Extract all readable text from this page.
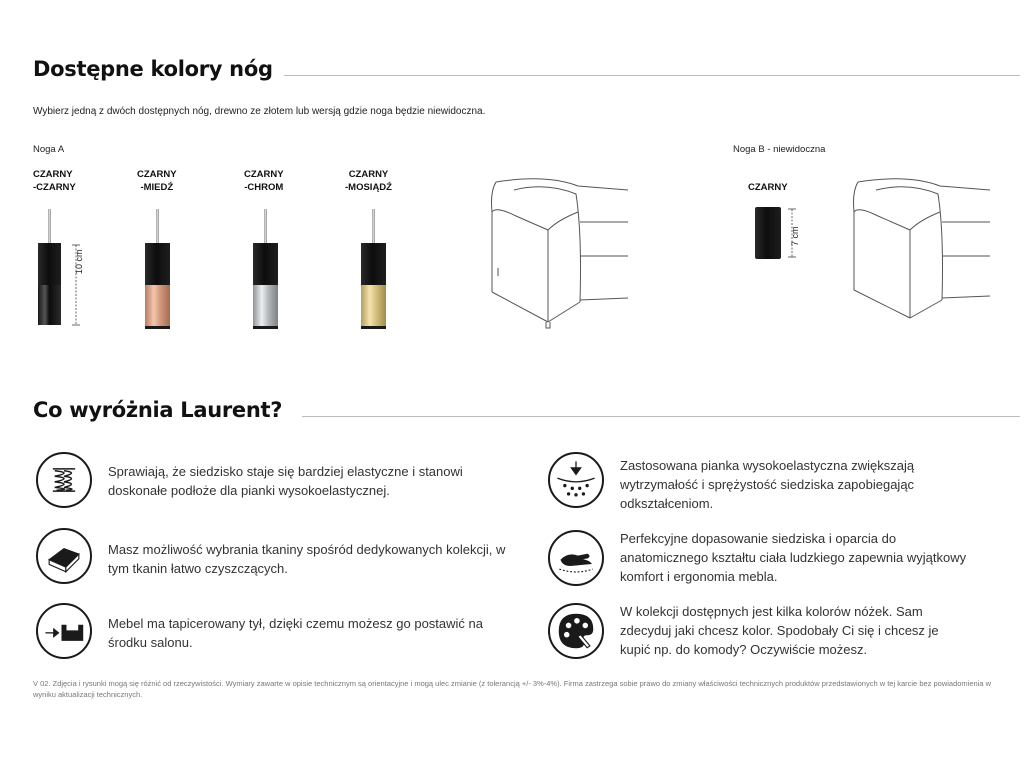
Dostępne kolory nóg
Wybierz jedną z dwóch dostępnych nóg, drewno ze złotem lub wersją gdzie noga będzie niewidoczna.
Noga A	Noga B - niewidoczna
CZARNY
-CZARNY
CZARNY
-MIEDŹ
CZARNY
-CHROM
CZARNY
-MOSIĄDŹ	CZARNY
10 cm
7 cm
Co wyróżnia Laurent?
Sprawiają, że siedzisko staje się bardziej elastyczne i stanowi doskonałe podłoże dla pianki wysokoelastycznej.
Zastosowana pianka wysokoelastyczna zwiększają wytrzymałość i sprężystość siedziska zapobiegając odkształceniom.
Masz możliwość wybrania tkaniny spośród dedykowanych kolekcji, w tym tkanin łatwo czyszczących.
Perfekcyjne dopasowanie siedziska i oparcia do anatomicznego kształtu ciała ludzkiego zapewnia wyjątkowy komfort i ergonomia mebla.
Mebel ma tapicerowany tył, dzięki czemu możesz go postawić na środku salonu.
W kolekcji dostępnych jest kilka kolorów nóżek. Sam zdecyduj jaki chcesz kolor. Spodobały Ci się i chcesz je kupić np. do komody? Oczywiście możesz.
V 02. Zdjęcia i rysunki mogą się różnić od rzeczywistości. Wymiary zawarte w opisie technicznym są orientacyjne i mogą ulec zmianie (z tolerancją +/- 3%-4%). Firma zastrzega sobie prawo do zmiany właściwości technicznych produktów przedstawionych w tej karcie bez powiadomienia w wyniku aktualizacji technicznych.
